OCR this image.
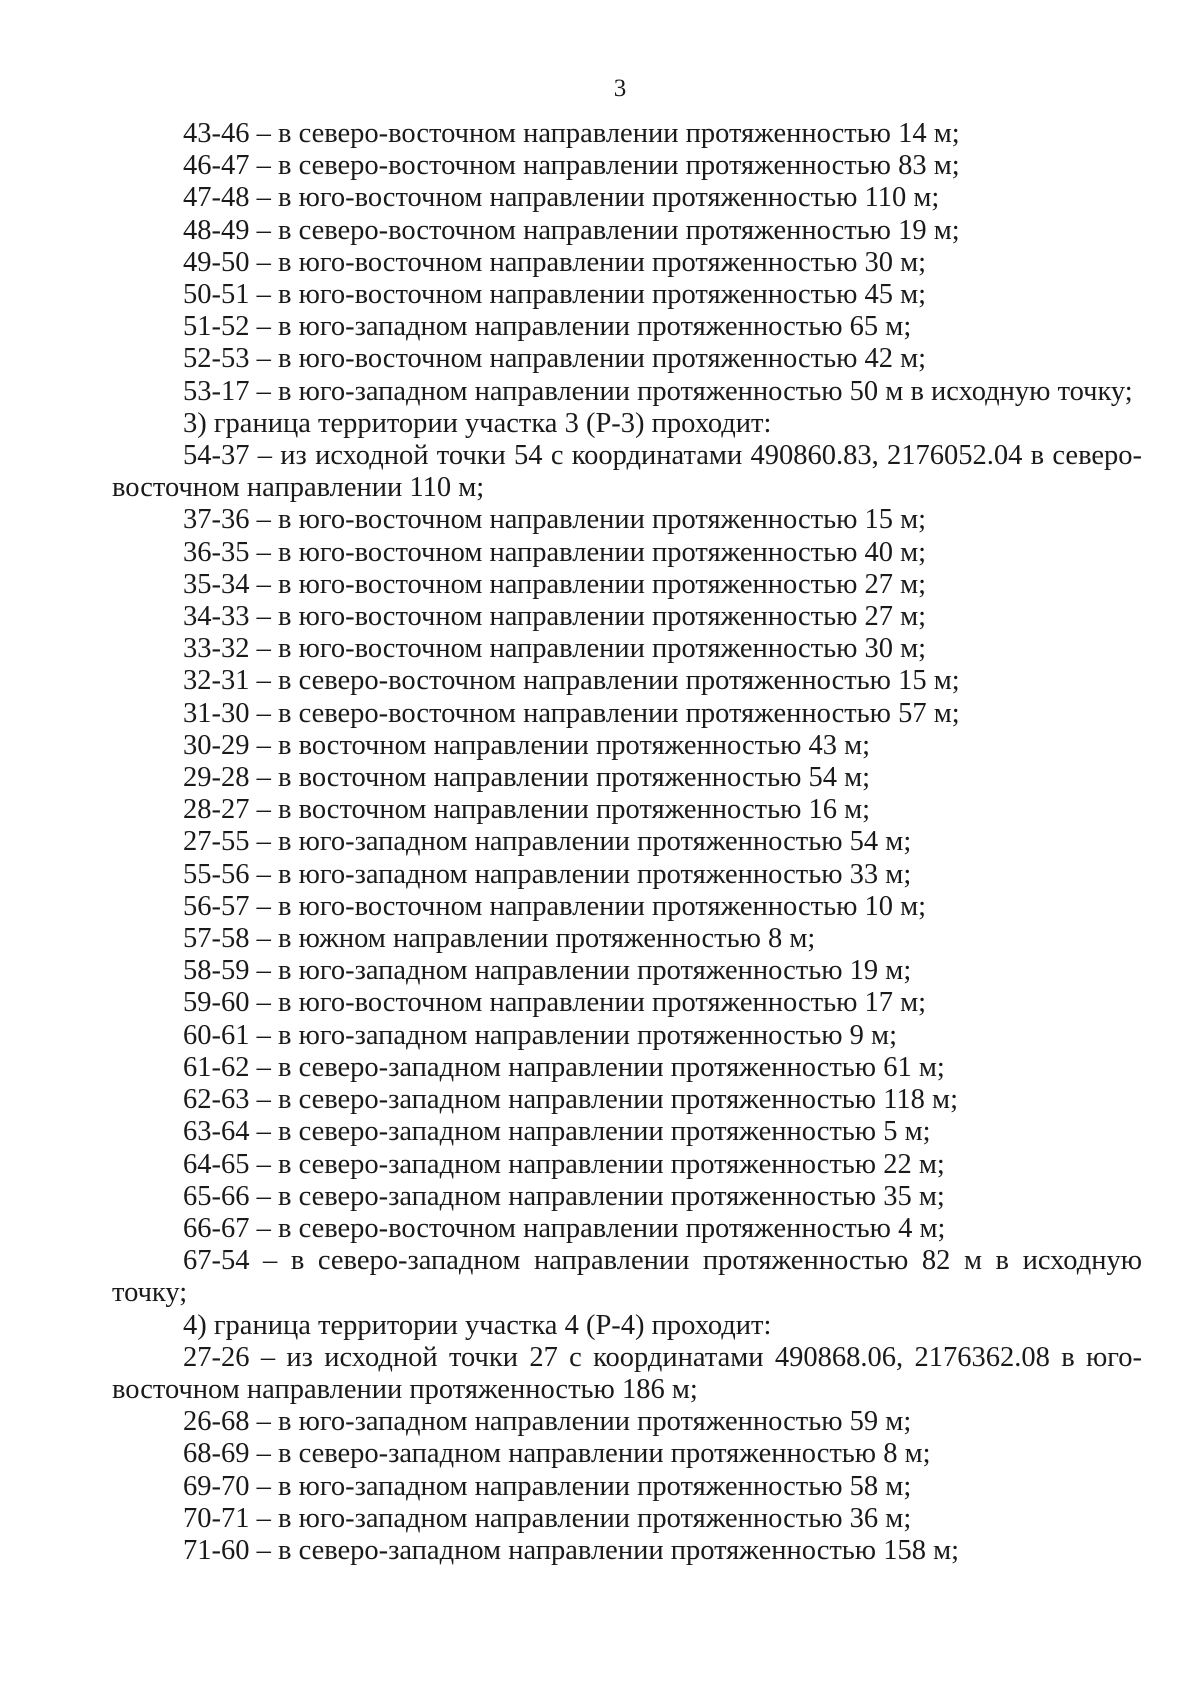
3
43-46 – в северо-восточном направлении протяженностью 14 м;
46-47 – в северо-восточном направлении протяженностью 83 м;
47-48 – в юго-восточном направлении протяженностью 110 м;
48-49 – в северо-восточном направлении протяженностью 19 м;
49-50 – в юго-восточном направлении протяженностью 30 м;
50-51 – в юго-восточном направлении протяженностью 45 м;
51-52 – в юго-западном направлении протяженностью 65 м;
52-53 – в юго-восточном направлении протяженностью 42 м;
53-17 – в юго-западном направлении протяженностью 50 м в исходную точку;
3) граница территории участка 3 (Р-3) проходит:
54-37 – из исходной точки 54 с координатами 490860.83, 2176052.04 в северо-
восточном направлении 110 м;
37-36 – в юго-восточном направлении протяженностью 15 м;
36-35 – в юго-восточном направлении протяженностью 40 м;
35-34 – в юго-восточном направлении протяженностью 27 м;
34-33 – в юго-восточном направлении протяженностью 27 м;
33-32 – в юго-восточном направлении протяженностью 30 м;
32-31 – в северо-восточном направлении протяженностью 15 м;
31-30 – в северо-восточном направлении протяженностью 57 м;
30-29 – в восточном направлении протяженностью 43 м;
29-28 – в восточном направлении протяженностью 54 м;
28-27 – в восточном направлении протяженностью 16 м;
27-55 – в юго-западном направлении протяженностью 54 м;
55-56 – в юго-западном направлении протяженностью 33 м;
56-57 – в юго-восточном направлении протяженностью 10 м;
57-58 – в южном направлении протяженностью 8 м;
58-59 – в юго-западном направлении протяженностью 19 м;
59-60 – в юго-восточном направлении протяженностью 17 м;
60-61 – в юго-западном направлении протяженностью 9 м;
61-62 – в северо-западном направлении протяженностью 61 м;
62-63 – в северо-западном направлении протяженностью 118 м;
63-64 – в северо-западном направлении протяженностью 5 м;
64-65 – в северо-западном направлении протяженностью 22 м;
65-66 – в северо-западном направлении протяженностью 35 м;
66-67 – в северо-восточном направлении протяженностью 4 м;
67-54 – в северо-западном направлении протяженностью 82 м в исходную
точку;
4) граница территории участка 4 (Р-4) проходит:
27-26 – из исходной точки 27 с координатами 490868.06, 2176362.08 в юго-
восточном направлении протяженностью 186 м;
26-68 – в юго-западном направлении протяженностью 59 м;
68-69 – в северо-западном направлении протяженностью 8 м;
69-70 – в юго-западном направлении протяженностью 58 м;
70-71 – в юго-западном направлении протяженностью 36 м;
71-60 – в северо-западном направлении протяженностью 158 м;
